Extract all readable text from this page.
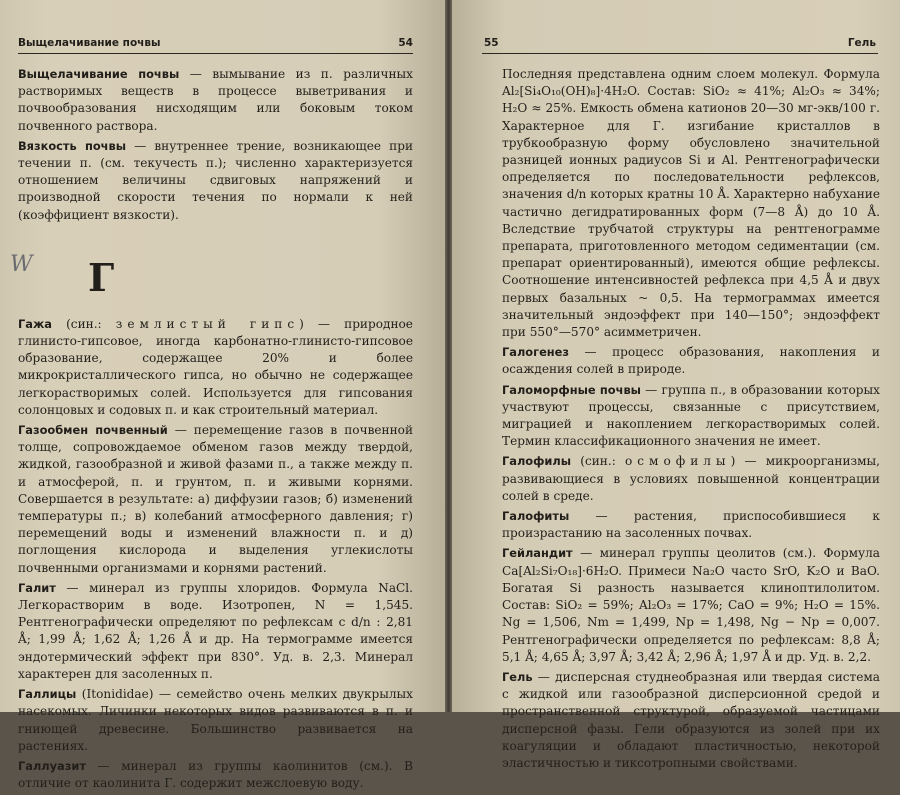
Выщелачивание почвы	54
W

Выщелачивание почвы — вымывание из п. различных растворимых веществ в процессе выветривания и почвообразования нисходящим или боковым током почвенного раствора.

Вязкость почвы — внутреннее трение, возникающее при течении п. (см. текучесть п.); численно характеризуется отношением величины сдвиговых напряжений и производной скорости течения по нормали к ней (коэффициент вязкости).

Г

Гажа (син.: землистый гипс) — природное глинисто-гипсовое, иногда карбонатно-глинисто-гипсовое образование, содержащее 20% и более микрокристаллического гипса, но обычно не содержащее легкорастворимых солей. Используется для гипсования солонцовых и содовых п. и как строительный материал.

Газообмен почвенный — перемещение газов в почвенной толще, сопровождаемое обменом газов между твердой, жидкой, газообразной и живой фазами п., а также между п. и атмосферой, п. и грунтом, п. и живыми корнями. Совершается в результате: а) диффузии газов; б) изменений температуры п.; в) колебаний атмосферного давления; г) перемещений воды и изменений влажности п. и д) поглощения кислорода и выделения углекислоты почвенными организмами и корнями растений.

Галит — минерал из группы хлоридов. Формула NaCl. Легкорастворим в воде. Изотропен, N = 1,545. Рентгенографически определяют по рефлексам с d/n : 2,81 Å; 1,99 Å; 1,62 Å; 1,26 Å и др. На термограмме имеется эндотермический эффект при 830°. Уд. в. 2,3. Минерал характерен для засоленных п.

Галлицы (Itonididae) — семейство очень мелких двукрылых насекомых. Личинки некоторых видов развиваются в п. и гниющей древесине. Большинство развивается на растениях.

Галлуазит — минерал из группы каолинитов (см.). В отличие от каолинита Г. содержит межслоевую воду.

55	Гель

Последняя представлена одним слоем молекул. Формула Al₂[Si₄O₁₀(OH)₈]·4H₂O. Состав: SiO₂ ≈ 41%; Al₂O₃ ≈ 34%; H₂O ≈ 25%. Емкость обмена катионов 20—30 мг-экв/100 г. Характерное для Г. изгибание кристаллов в трубкообразную форму обусловлено значительной разницей ионных радиусов Si и Al. Рентгенографически определяется по последовательности рефлексов, значения d/n которых кратны 10 Å. Характерно набухание частично дегидратированных форм (7—8 Å) до 10 Å. Вследствие трубчатой структуры на рентгенограмме препарата, приготовленного методом седиментации (см. препарат ориентированный), имеются общие рефлексы. Соотношение интенсивностей рефлекса при 4,5 Å и двух первых базальных ~ 0,5. На термограммах имеется значительный эндоэффект при 140—150°; эндоэффект при 550°—570° асимметричен.

Галогенез — процесс образования, накопления и осаждения солей в природе.

Галоморфные почвы — группа п., в образовании которых участвуют процессы, связанные с присутствием, миграцией и накоплением легкорастворимых солей. Термин классификационного значения не имеет.

Галофилы (син.: осмофилы) — микроорганизмы, развивающиеся в условиях повышенной концентрации солей в среде.

Галофиты — растения, приспособившиеся к произрастанию на засоленных почвах.

Гейландит — минерал группы цеолитов (см.). Формула Ca[Al₂Si₇O₁₈]·6H₂O. Примеси Na₂O часто SrO, K₂O и BaO. Богатая Si разность называется клиноптилолитом. Состав: SiO₂ = 59%; Al₂O₃ = 17%; CaO = 9%; H₂O = 15%. Ng = 1,506, Nm = 1,499, Np = 1,498, Ng − Np = 0,007. Рентгенографически определяется по рефлексам: 8,8 Å; 5,1 Å; 4,65 Å; 3,97 Å; 3,42 Å; 2,96 Å; 1,97 Å и др. Уд. в. 2,2.

Гель — дисперсная студнеобразная или твердая система с жидкой или газообразной дисперсионной средой и пространственной структурой, образуемой частицами дисперсной фазы. Гели образуются из золей при их коагуляции и обладают пластичностью, некоторой эластичностью и тиксотропными свойствами.
